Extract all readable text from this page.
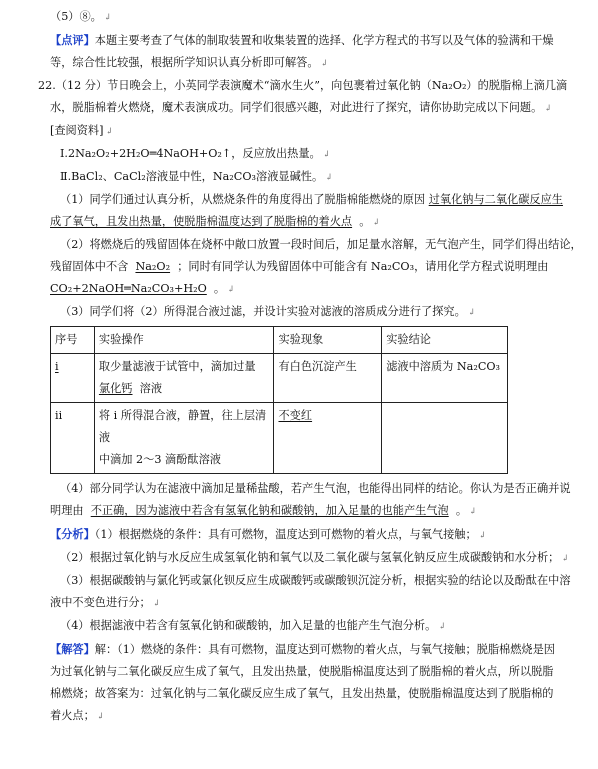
（5）⑧。 ↲
【点评】本题主要考查了气体的制取装置和收集装置的选择、化学方程式的书写以及气体的验满和干燥
等，综合性比较强，根据所学知识认真分析即可解答。 ↲
22.（12 分）节日晚会上，小英同学表演魔术“滴水生火”，向包裹着过氧化钠（Na₂O₂）的脱脂棉上滴几滴
水，脱脂棉着火燃烧，魔术表演成功。同学们很感兴趣，对此进行了探究，请你协助完成以下问题。 ↲
[查阅资料] ↲
Ⅰ.2Na₂O₂+2H₂O═4NaOH+O₂↑，反应放出热量。 ↲
Ⅱ.BaCl₂、CaCl₂溶液显中性，Na₂CO₃溶液显碱性。 ↲
（1）同学们通过认真分析，从燃烧条件的角度得出了脱脂棉能燃烧的原因 过氧化钠与二氧化碳反应生
成了氧气，且发出热量，使脱脂棉温度达到了脱脂棉的着火点 。 ↲
（2）将燃烧后的残留固体在烧杯中敞口放置一段时间后，加足量水溶解，无气泡产生，同学们得出结论，
残留固体中不含 Na₂O₂ ；同时有同学认为残留固体中可能含有 Na₂CO₃，请用化学方程式说明理由
CO₂+2NaOH═Na₂CO₃+H₂O 。 ↲
（3）同学们将（2）所得混合液过滤，并设计实验对滤液的溶质成分进行了探究。 ↲
序号	实验操作	实验现象	实验结论
i	取少量滤液于试管中，滴加过量
氯化钙 溶液	有白色沉淀产生	滤液中溶质为 Na₂CO₃
ii	将 i 所得混合液，静置，往上层清液
中滴加 2～3 滴酚酞溶液	不变红	
（4）部分同学认为在滤液中滴加足量稀盐酸，若产生气泡，也能得出同样的结论。你认为是否正确并说
明理由 不正确，因为滤液中若含有氢氧化钠和碳酸钠，加入足量的也能产生气泡 。 ↲
【分析】（1）根据燃烧的条件：具有可燃物，温度达到可燃物的着火点，与氧气接触； ↲
（2）根据过氧化钠与水反应生成氢氧化钠和氧气以及二氧化碳与氢氧化钠反应生成碳酸钠和水分析； ↲
（3）根据碳酸钠与氯化钙或氯化钡反应生成碳酸钙或碳酸钡沉淀分析，根据实验的结论以及酚酞在中溶
液中不变色进行分； ↲
（4）根据滤液中若含有氢氧化钠和碳酸钠，加入足量的也能产生气泡分析。 ↲
【解答】解：（1）燃烧的条件：具有可燃物，温度达到可燃物的着火点，与氧气接触；脱脂棉燃烧是因
为过氧化钠与二氧化碳反应生成了氧气，且发出热量，使脱脂棉温度达到了脱脂棉的着火点，所以脱脂
棉燃烧；故答案为：过氧化钠与二氧化碳反应生成了氧气，且发出热量，使脱脂棉温度达到了脱脂棉的
着火点； ↲
